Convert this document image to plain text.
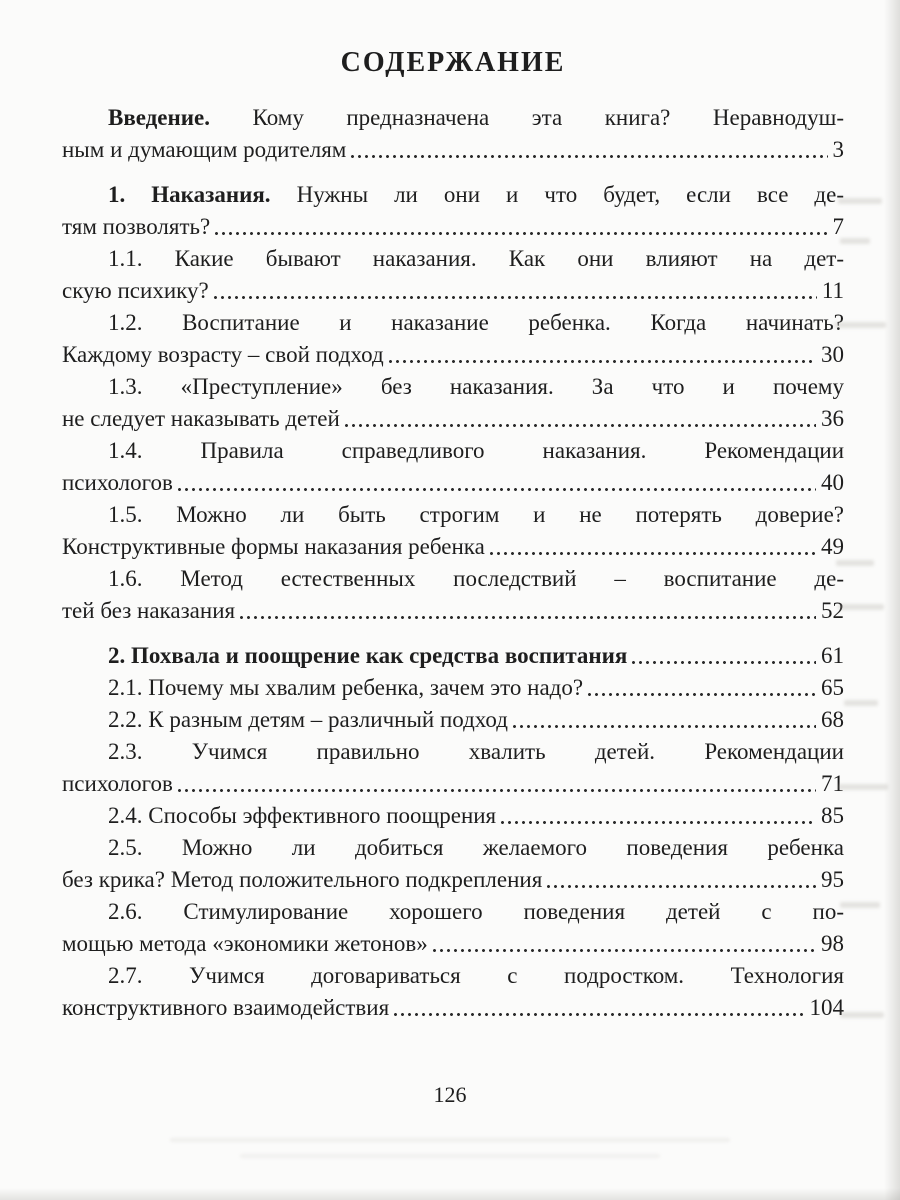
СОДЕРЖАНИЕ
Введение. Кому предназначена эта книга? Неравнодуш-
ным и думающим родителям	3
1. Наказания. Нужны ли они и что будет, если все де-
тям позволять?	7
1.1. Какие бывают наказания. Как они влияют на дет-
скую психику?	11
1.2. Воспитание и наказание ребенка. Когда начинать?
Каждому возрасту – свой подход	30
1.3. «Преступление» без наказания. За что и почему
не следует наказывать детей	36
1.4. Правила справедливого наказания. Рекомендации
психологов	40
1.5. Можно ли быть строгим и не потерять доверие?
Конструктивные формы наказания ребенка	49
1.6. Метод естественных последствий – воспитание де-
тей без наказания	52
2. Похвала и поощрение как средства воспитания	61
2.1. Почему мы хвалим ребенка, зачем это надо?	65
2.2. К разным детям – различный подход	68
2.3. Учимся правильно хвалить детей. Рекомендации
психологов	71
2.4. Способы эффективного поощрения	85
2.5. Можно ли добиться желаемого поведения ребенка
без крика? Метод положительного подкрепления	95
2.6. Стимулирование хорошего поведения детей с по-
мощью метода «экономики жетонов»	98
2.7. Учимся договариваться с подростком. Технология
конструктивного взаимодействия	104
126
